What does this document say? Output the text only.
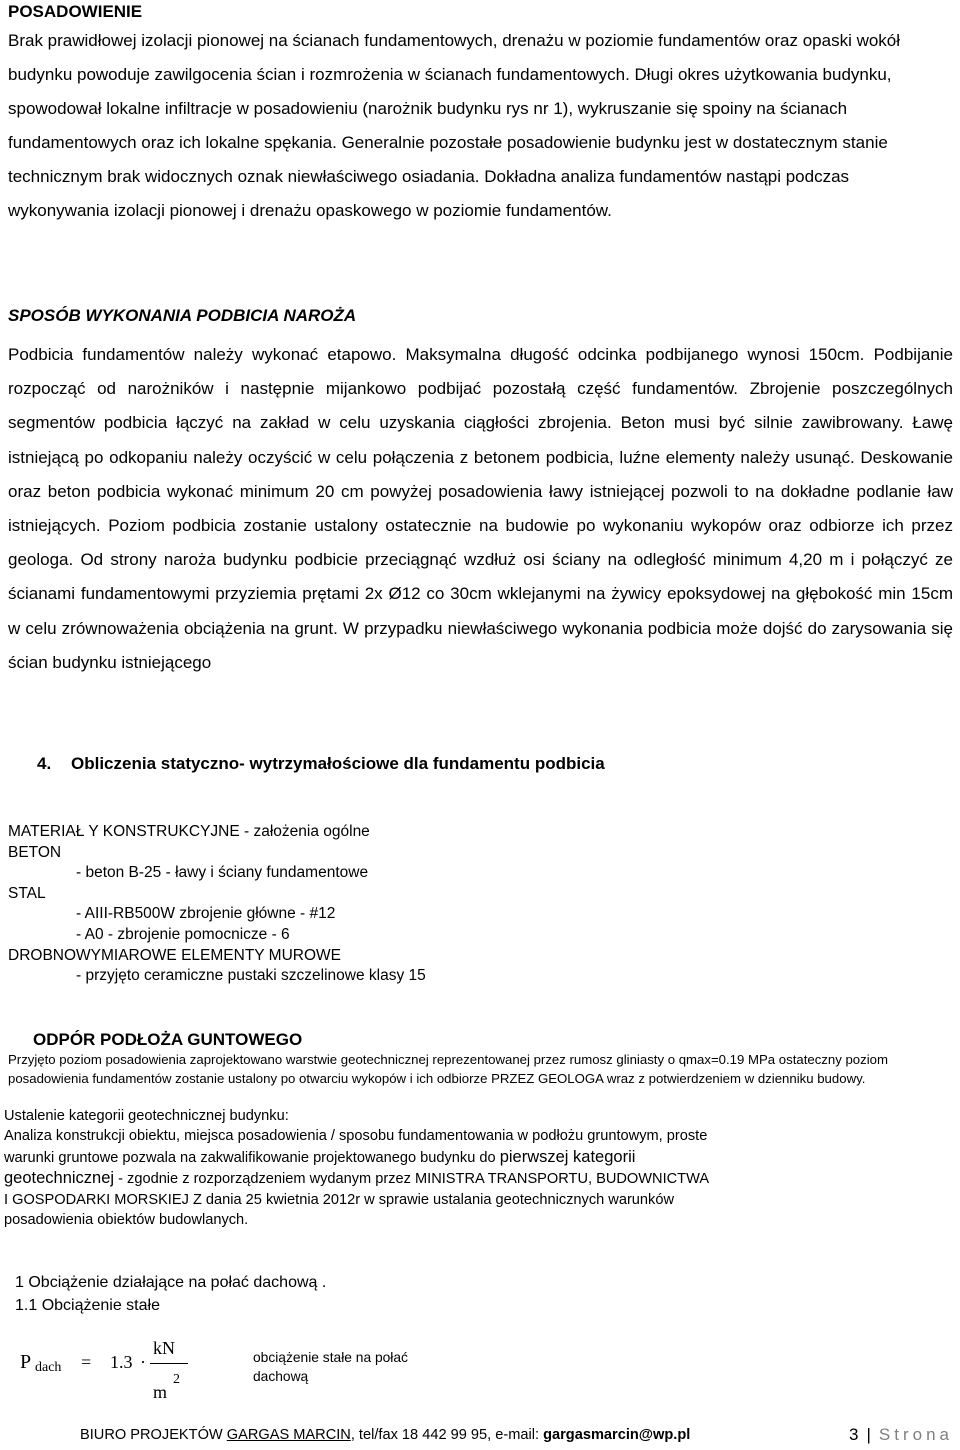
POSADOWIENIE
Brak prawidłowej izolacji pionowej na ścianach fundamentowych, drenażu w poziomie fundamentów oraz opaski wokół budynku powoduje zawilgocenia ścian i rozmrożenia w ścianach fundamentowych. Długi okres użytkowania budynku, spowodował lokalne infiltracje w posadowieniu (narożnik budynku rys nr 1), wykruszanie się spoiny na ścianach fundamentowych oraz ich lokalne spękania. Generalnie pozostałe posadowienie budynku jest w dostatecznym stanie technicznym brak widocznych oznak niewłaściwego osiadania. Dokładna analiza fundamentów nastąpi podczas wykonywania izolacji pionowej i drenażu opaskowego w poziomie fundamentów.
SPOSÓB WYKONANIA PODBICIA NAROŻA
Podbicia fundamentów należy wykonać etapowo. Maksymalna długość odcinka podbijanego wynosi 150cm. Podbijanie rozpocząć od narożników i następnie mijankowo podbijać pozostałą część fundamentów. Zbrojenie poszczególnych segmentów podbicia łączyć na zakład w celu uzyskania ciągłości zbrojenia. Beton musi być silnie zawibrowany. Ławę istniejącą po odkopaniu należy oczyścić w celu połączenia z betonem podbicia, luźne elementy należy usunąć. Deskowanie oraz beton podbicia wykonać minimum 20 cm powyżej posadowienia ławy istniejącej pozwoli to na dokładne podlanie ław istniejących. Poziom podbicia zostanie ustalony ostatecznie na budowie po wykonaniu wykopów oraz odbiorze ich przez geologa. Od strony naroża budynku podbicie przeciągnąć wzdłuż osi ściany na odległość minimum 4,20 m i połączyć ze ścianami fundamentowymi przyziemia prętami 2x Ø12 co 30cm wklejanymi na żywicy epoksydowej na głębokość min 15cm w celu zrównoważenia obciążenia na grunt. W przypadku niewłaściwego wykonania podbicia może dojść do zarysowania się ścian budynku istniejącego
4. Obliczenia statyczno- wytrzymałościowe dla fundamentu podbicia
MATERIAŁ Y KONSTRUKCYJNE - założenia ogólne
BETON
- beton B-25 - ławy i ściany fundamentowe
STAL
- AIII-RB500W zbrojenie główne - #12
- A0 - zbrojenie pomocnicze - 6
DROBNOWYMIAROWE ELEMENTY MUROWE
- przyjęto ceramiczne pustaki szczelinowe klasy 15
ODPÓR PODŁOŻA GUNTOWEGO
Przyjęto poziom posadowienia zaprojektowano warstwie geotechnicznej reprezentowanej przez rumosz gliniasty o qmax=0.19 MPa ostateczny poziom posadowienia fundamentów zostanie ustalony po otwarciu wykopów i ich odbiorze PRZEZ GEOLOGA wraz z potwierdzeniem w dzienniku budowy.
Ustalenie kategorii geotechnicznej budynku:
Analiza konstrukcji obiektu, miejsca posadowienia / sposobu fundamentowania w podłożu gruntowym, proste
warunki gruntowe pozwala na zakwalifikowanie projektowanego budynku do pierwszej kategorii
geotechnicznej - zgodnie z rozporządzeniem wydanym przez MINISTRA TRANSPORTU, BUDOWNICTWA
I GOSPODARKI MORSKIEJ Z dania 25 kwietnia 2012r w sprawie ustalania geotechnicznych warunków
posadowienia obiektów budowlanych.
1 Obciążenie działające na połać dachową .
1.1 Obciążenie stałe
P dach = 1.3 ·
kN
m
2
obciążenie stałe na połać dachową
BIURO PROJEKTÓW GARGAS MARCIN, tel/fax 18 442 99 95, e-mail: gargasmarcin@wp.pl	3 | Strona
